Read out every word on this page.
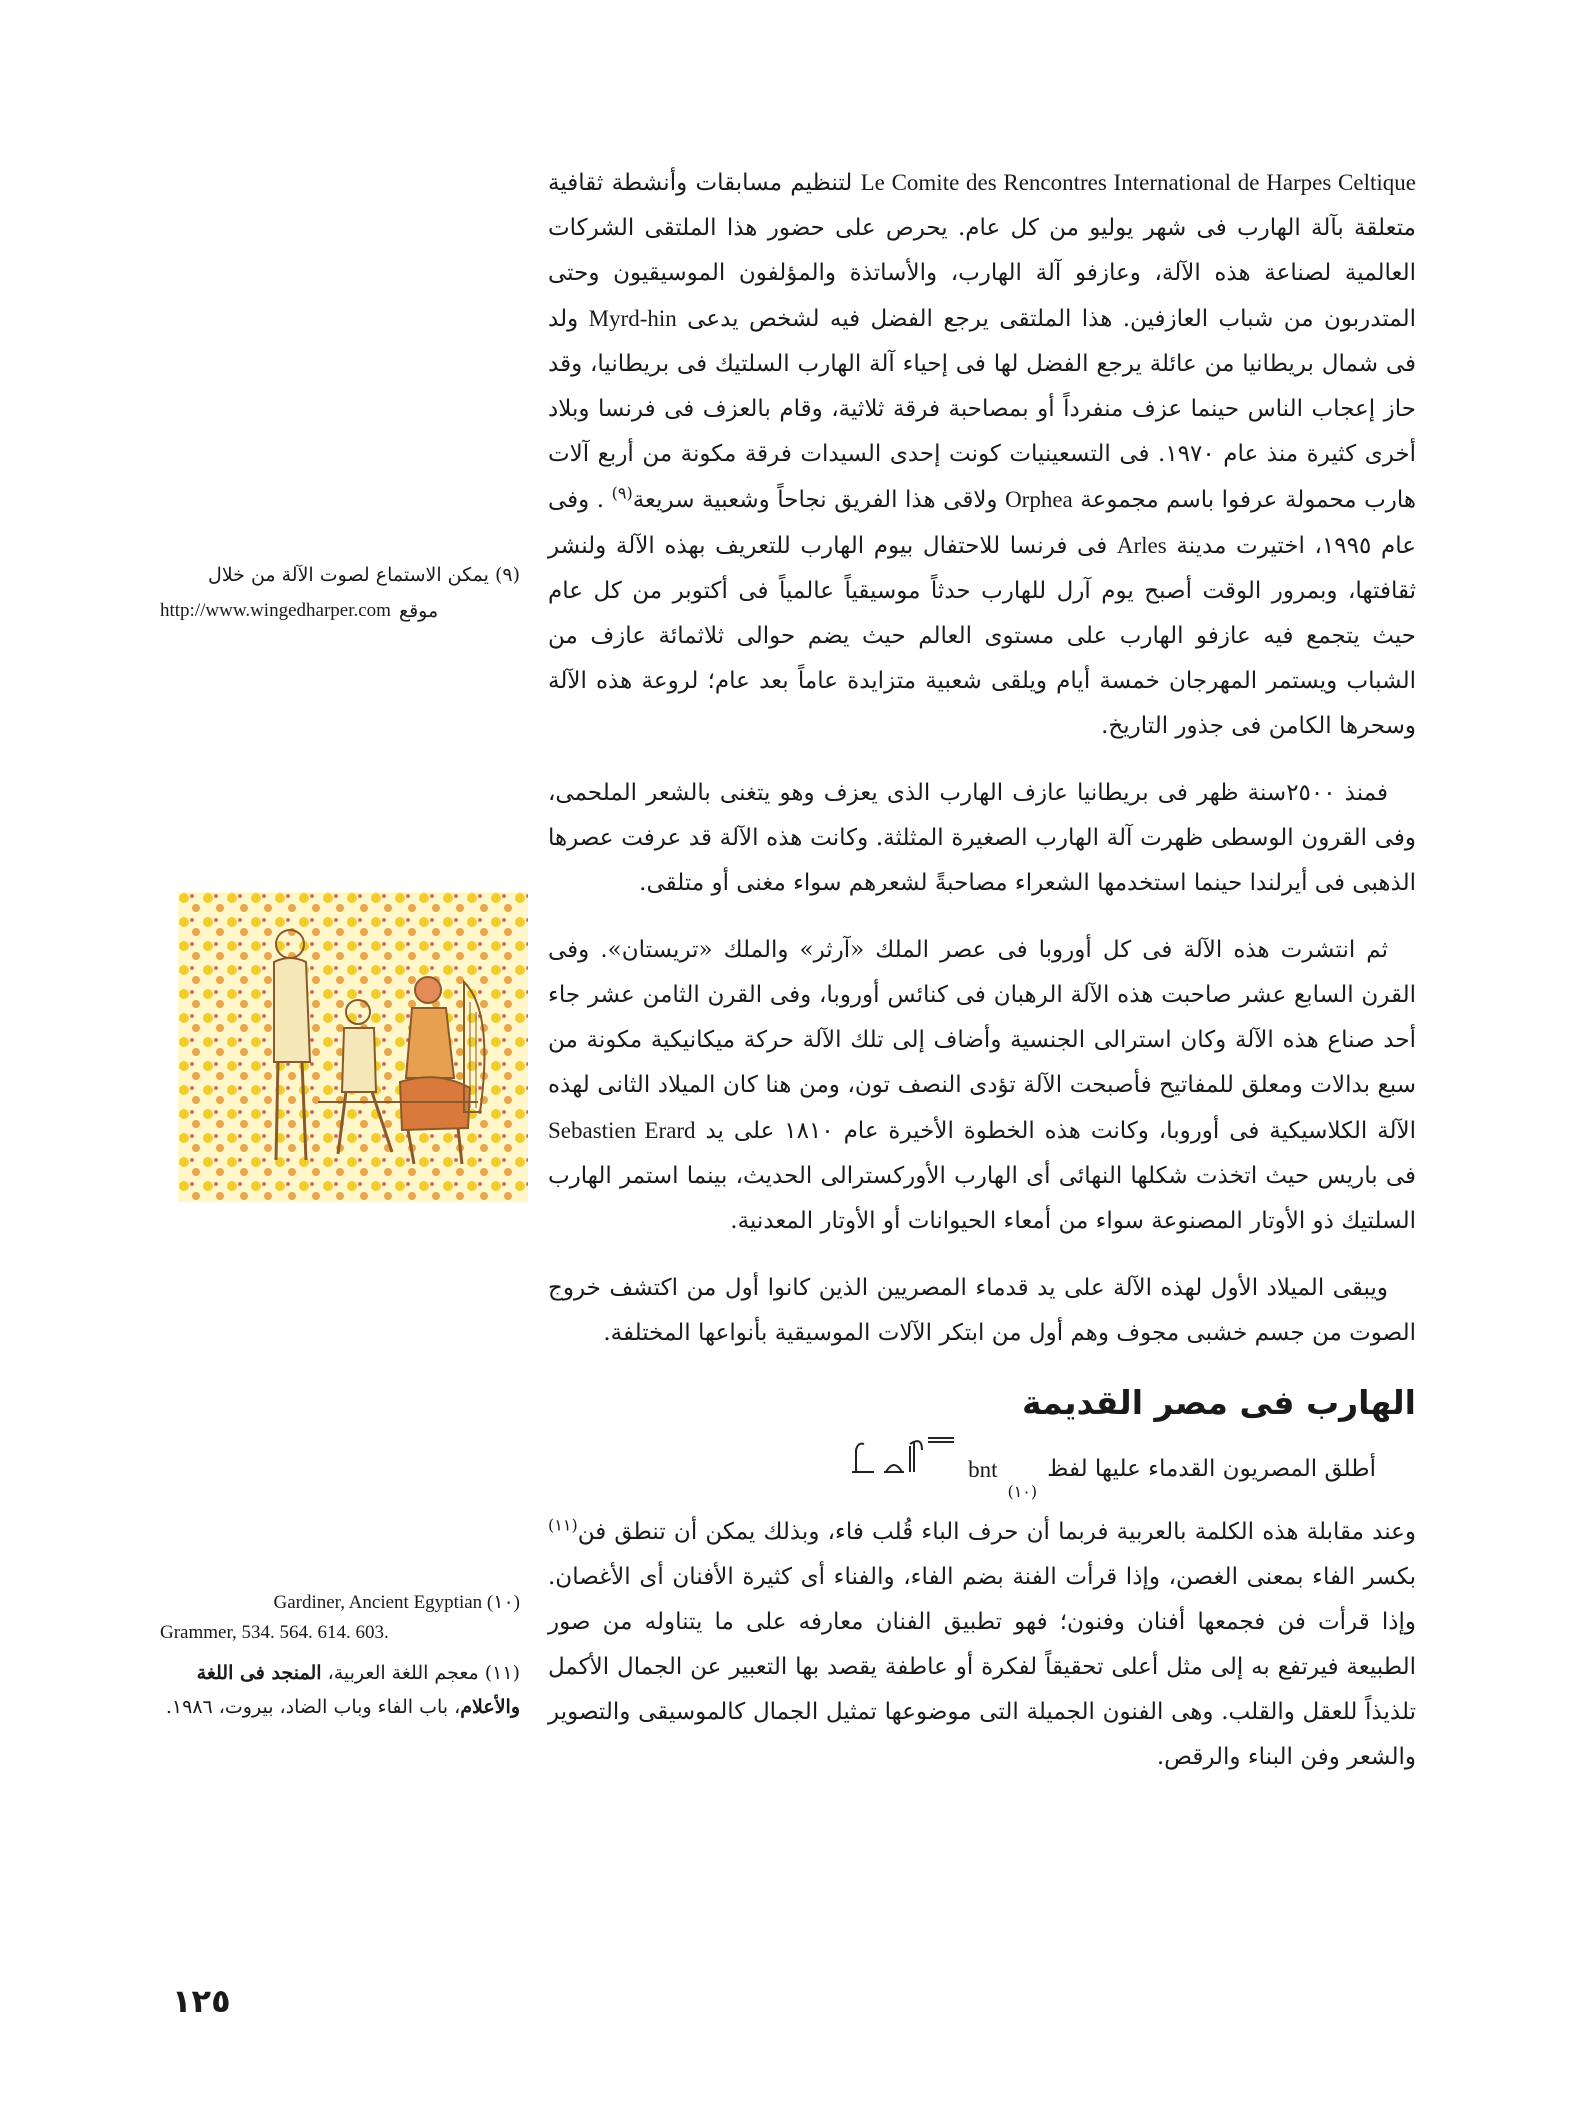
Le Comite des Rencontres International de Harpes Celtique لتنظيم مسابقات وأنشطة ثقافية متعلقة بآلة الهارب فى شهر يوليو من كل عام. يحرص على حضور هذا الملتقى الشركات العالمية لصناعة هذه الآلة، وعازفو آلة الهارب، والأساتذة والمؤلفون الموسيقيون وحتى المتدربون من شباب العازفين. هذا الملتقى يرجع الفضل فيه لشخص يدعى Myrd-hin ولد فى شمال بريطانيا من عائلة يرجع الفضل لها فى إحياء آلة الهارب السلتيك فى بريطانيا، وقد حاز إعجاب الناس حينما عزف منفرداً أو بمصاحبة فرقة ثلاثية، وقام بالعزف فى فرنسا وبلاد أخرى كثيرة منذ عام ١٩٧٠. فى التسعينيات كونت إحدى السيدات فرقة مكونة من أربع آلات هارب محمولة عرفوا باسم مجموعة Orphea ولاقى هذا الفريق نجاحاً وشعبية سريعة$^{(٩)}$ . وفى عام ١٩٩٥، اختيرت مدينة Arles فى فرنسا للاحتفال بيوم الهارب للتعريف بهذه الآلة ولنشر ثقافتها، وبمرور الوقت أصبح يوم آرل للهارب حدثاً موسيقياً عالمياً فى أكتوبر من كل عام حيث يتجمع فيه عازفو الهارب على مستوى العالم حيث يضم حوالى ثلاثمائة عازف من الشباب ويستمر المهرجان خمسة أيام ويلقى شعبية متزايدة عاماً بعد عام؛ لروعة هذه الآلة وسحرها الكامن فى جذور التاريخ.

فمنذ ٢٥٠٠سنة ظهر فى بريطانيا عازف الهارب الذى يعزف وهو يتغنى بالشعر الملحمى، وفى القرون الوسطى ظهرت آلة الهارب الصغيرة المثلثة. وكانت هذه الآلة قد عرفت عصرها الذهبى فى أيرلندا حينما استخدمها الشعراء مصاحبةً لشعرهم سواء مغنى أو متلقى.

ثم انتشرت هذه الآلة فى كل أوروبا فى عصر الملك «آرثر» والملك «تريستان». وفى القرن السابع عشر صاحبت هذه الآلة الرهبان فى كنائس أوروبا، وفى القرن الثامن عشر جاء أحد صناع هذه الآلة وكان استرالى الجنسية وأضاف إلى تلك الآلة حركة ميكانيكية مكونة من سبع بدالات ومعلق للمفاتيح فأصبحت الآلة تؤدى النصف تون، ومن هنا كان الميلاد الثانى لهذه الآلة الكلاسيكية فى أوروبا، وكانت هذه الخطوة الأخيرة عام ١٨١٠ على يد Sebastien Erard فى باريس حيث اتخذت شكلها النهائى أى الهارب الأوركسترالى الحديث، بينما استمر الهارب السلتيك ذو الأوتار المصنوعة سواء من أمعاء الحيوانات أو الأوتار المعدنية.

ويبقى الميلاد الأول لهذه الآلة على يد قدماء المصريين الذين كانوا أول من اكتشف خروج الصوت من جسم خشبى مجوف وهم أول من ابتكر الآلات الموسيقية بأنواعها المختلفة.

الهارب فى مصر القديمة
أطلق المصريون القدماء عليها لفظ
(١٠)
bnt

وعند مقابلة هذه الكلمة بالعربية فربما أن حرف الباء قُلب فاء، وبذلك يمكن أن تنطق فن$^{(١١)}$ بكسر الفاء بمعنى الغصن، وإذا قرأت الفنة بضم الفاء، والفناء أى كثيرة الأفنان أى الأغصان. وإذا قرأت فن فجمعها أفنان وفنون؛ فهو تطبيق الفنان معارفه على ما يتناوله من صور الطبيعة فيرتفع به إلى مثل أعلى تحقيقاً لفكرة أو عاطفة يقصد بها التعبير عن الجمال الأكمل تلذيذاً للعقل والقلب. وهى الفنون الجميلة التى موضوعها تمثيل الجمال كالموسيقى والتصوير والشعر وفن البناء والرقص.

(٩) يمكن الاستماع لصوت الآلة من خلال

موقع
http://www.wingedharper.com

Gardiner, Ancient Egyptian (١٠)

Grammer, 534. 564. 614. 603.

(١١) معجم اللغة العربية، المنجد فى اللغة والأعلام، باب الفاء وباب الضاد، بيروت، ١٩٨٦.

١٢٥
